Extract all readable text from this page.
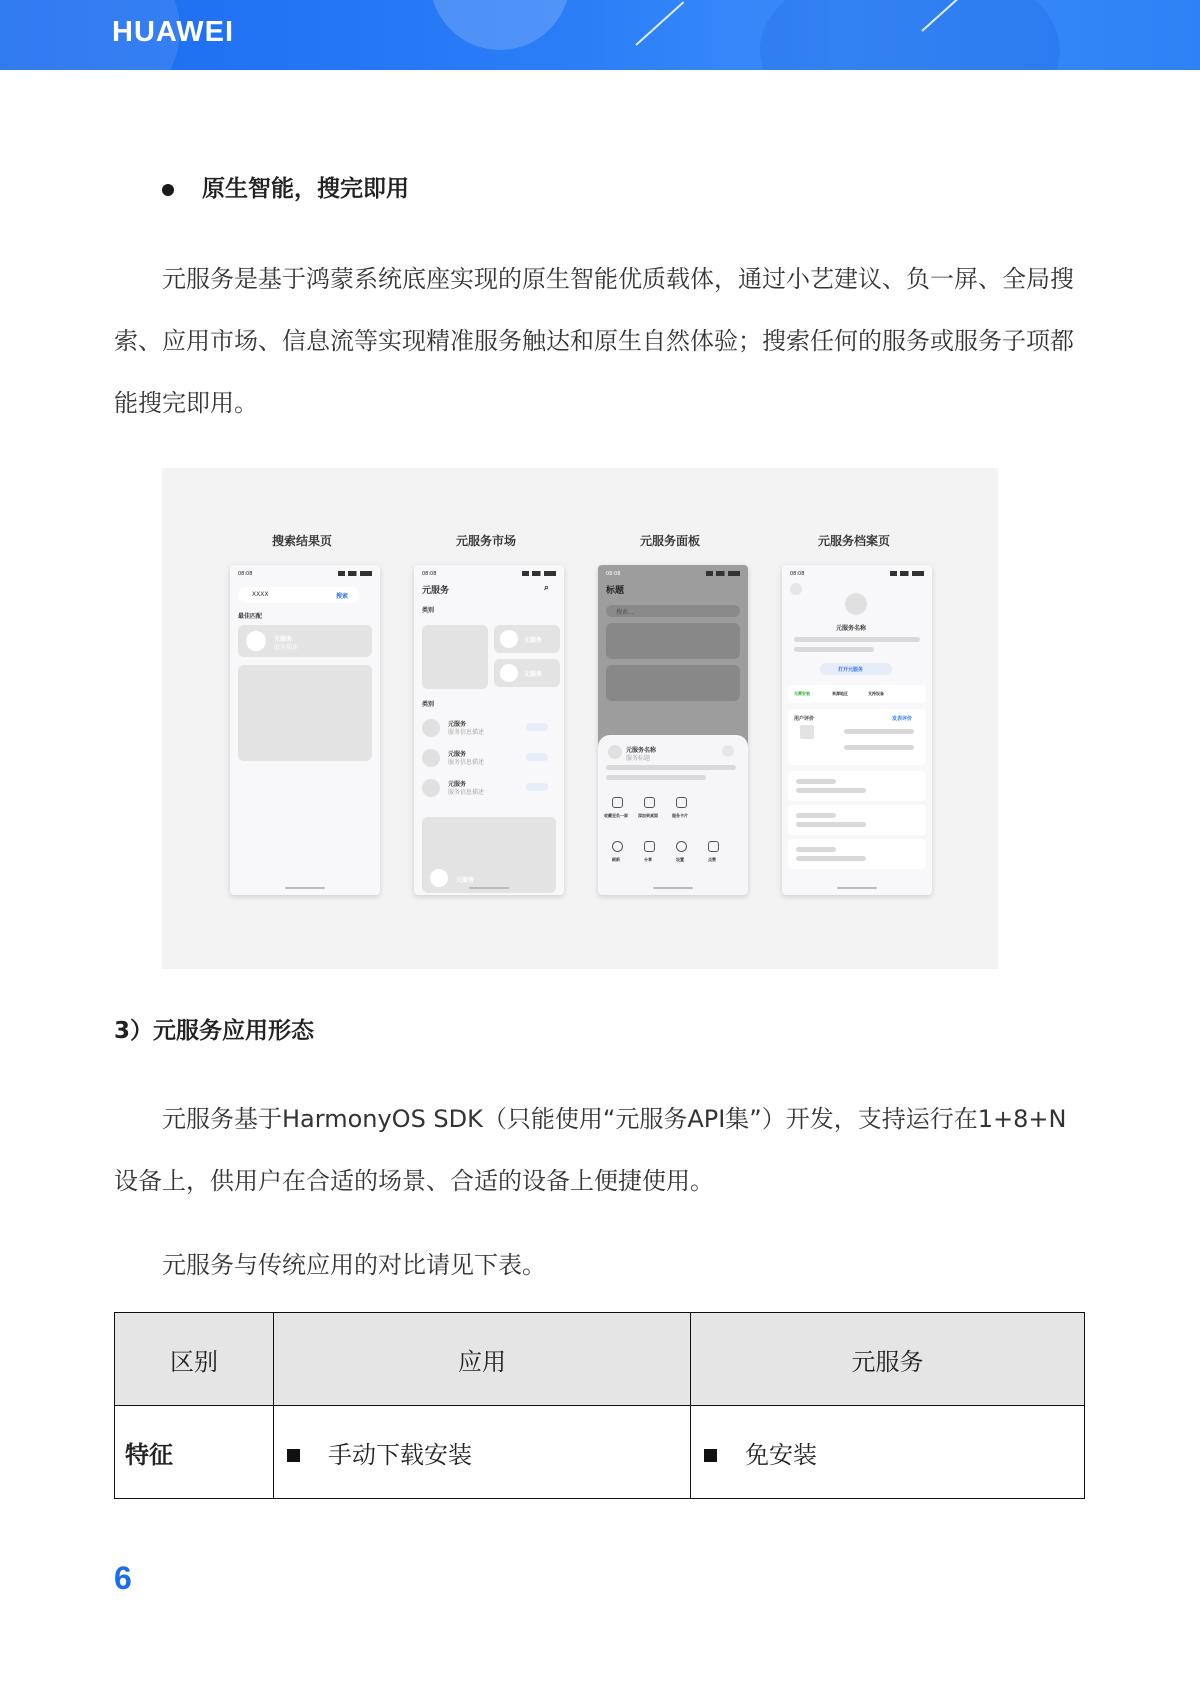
HUAWEI
原生智能，搜完即用
元服务是基于鸿蒙系统底座实现的原生智能优质载体，通过小艺建议、负一屏、全局搜
索、应用市场、信息流等实现精准服务触达和原生自然体验；搜索任何的服务或服务子项都
能搜完即用。
搜索结果页
08:08
XXXX	搜索
最佳匹配
元服务
服务描述
元服务市场
08:08
元服务	⌕
类别
元服务
元服务
类别
元服务
服务信息描述
元服务
服务信息描述
元服务
服务信息描述
元服务
元服务面板
08:08
标题
搜索...
元服务名称
服务标题
收藏至负一屏	添加到桌面	服务卡片
刷新	分享	设置	点赞
元服务档案页
08:08
元服务名称
打开元服务
无需安装	来源地区	支持设备
用户评价	发表评价
3）元服务应用形态
元服务基于HarmonyOS SDK（只能使用“元服务API集”）开发，支持运行在1+8+N
设备上，供用户在合适的场景、合适的设备上便捷使用。
元服务与传统应用的对比请见下表。
区别	应用	元服务
特征	手动下载安装	免安装
6
